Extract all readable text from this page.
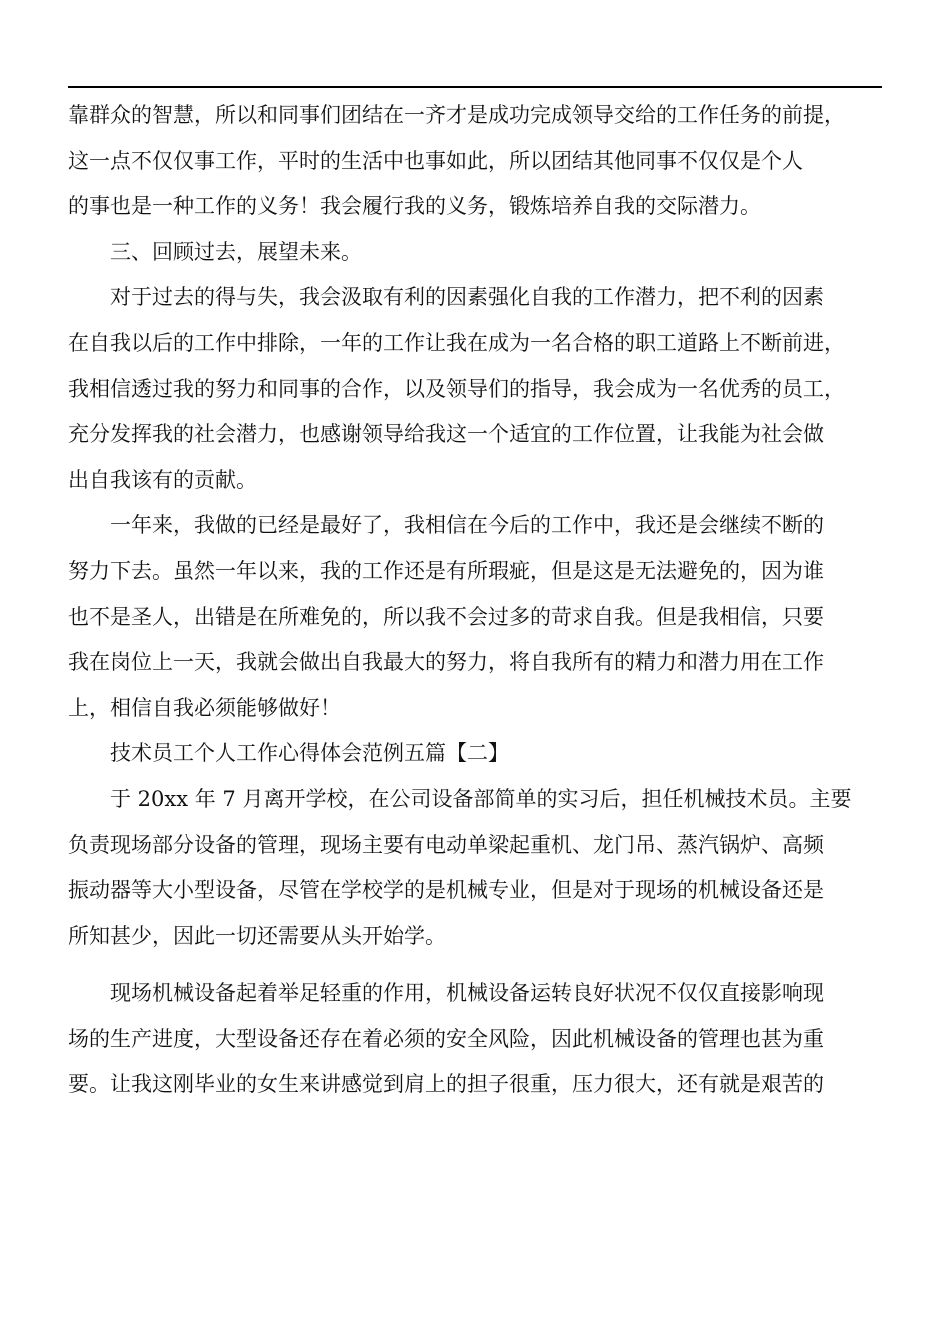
靠群众的智慧，所以和同事们团结在一齐才是成功完成领导交给的工作任务的前提，
这一点不仅仅事工作，平时的生活中也事如此，所以团结其他同事不仅仅是个人
的事也是一种工作的义务！我会履行我的义务，锻炼培养自我的交际潜力。
三、回顾过去，展望未来。
对于过去的得与失，我会汲取有利的因素强化自我的工作潜力，把不利的因素
在自我以后的工作中排除，一年的工作让我在成为一名合格的职工道路上不断前进，
我相信透过我的努力和同事的合作，以及领导们的指导，我会成为一名优秀的员工，
充分发挥我的社会潜力，也感谢领导给我这一个适宜的工作位置，让我能为社会做
出自我该有的贡献。
一年来，我做的已经是最好了，我相信在今后的工作中，我还是会继续不断的
努力下去。虽然一年以来，我的工作还是有所瑕疵，但是这是无法避免的，因为谁
也不是圣人，出错是在所难免的，所以我不会过多的苛求自我。但是我相信，只要
我在岗位上一天，我就会做出自我最大的努力，将自我所有的精力和潜力用在工作
上，相信自我必须能够做好！
技术员工个人工作心得体会范例五篇【二】
于 20xx 年 7 月离开学校，在公司设备部简单的实习后，担任机械技术员。主要
负责现场部分设备的管理，现场主要有电动单梁起重机、龙门吊、蒸汽锅炉、高频
振动器等大小型设备，尽管在学校学的是机械专业，但是对于现场的机械设备还是
所知甚少，因此一切还需要从头开始学。
现场机械设备起着举足轻重的作用，机械设备运转良好状况不仅仅直接影响现
场的生产进度，大型设备还存在着必须的安全风险，因此机械设备的管理也甚为重
要。让我这刚毕业的女生来讲感觉到肩上的担子很重，压力很大，还有就是艰苦的
